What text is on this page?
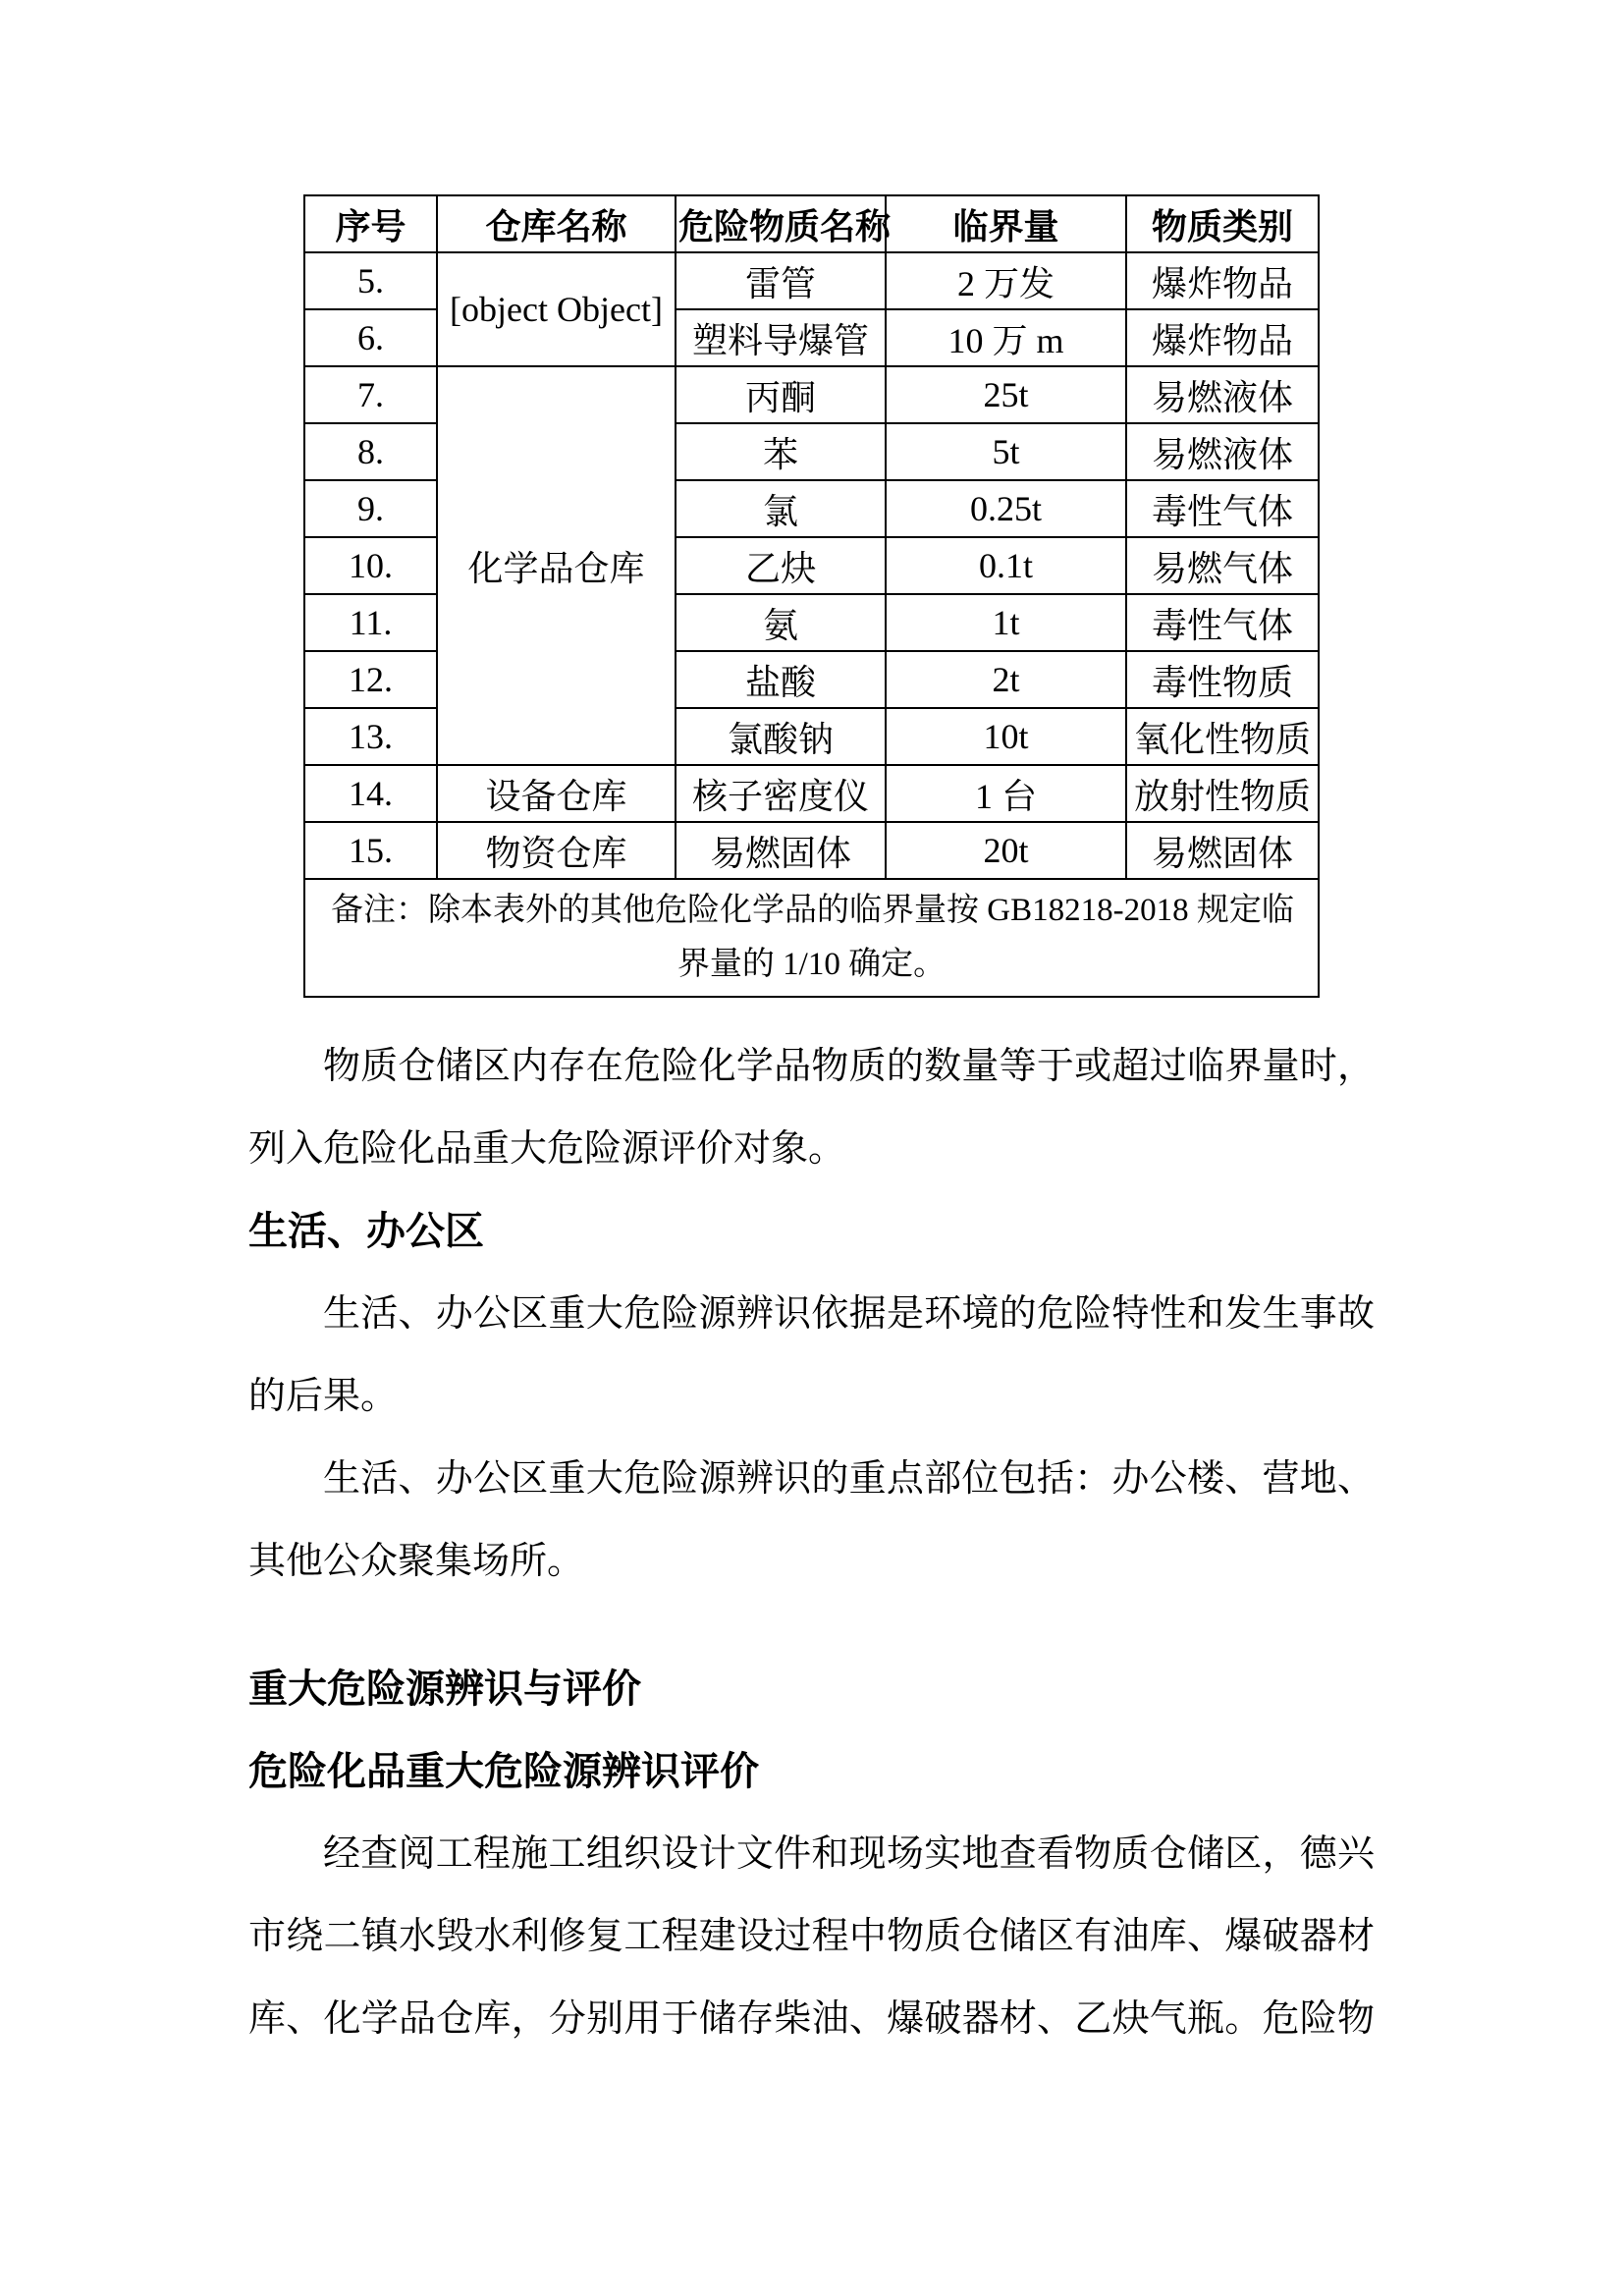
序号	仓库名称	危险物质名称	临界量	物质类别
5.	[object Object]	雷管	2 万发	爆炸物品
6.		塑料导爆管	10 万 m	爆炸物品
7.	化学品仓库	丙酮	25t	易燃液体
8.		苯	5t	易燃液体
9.		氯	0.25t	毒性气体
10.		乙炔	0.1t	易燃气体
11.		氨	1t	毒性气体
12.		盐酸	2t	毒性物质
13.		氯酸钠	10t	氧化性物质
14.	设备仓库	核子密度仪	1 台	放射性物质
15.	物资仓库	易燃固体	20t	易燃固体

备注：除本表外的其他危险化学品的临界量按 GB18218-2018 规定临
界量的 1/10 确定。				
物质仓储区内存在危险化学品物质的数量等于或超过临界量时，
列入危险化品重大危险源评价对象。
生活、办公区
生活、办公区重大危险源辨识依据是环境的危险特性和发生事故
的后果。
生活、办公区重大危险源辨识的重点部位包括：办公楼、营地、
其他公众聚集场所。
重大危险源辨识与评价
危险化品重大危险源辨识评价
经查阅工程施工组织设计文件和现场实地查看物质仓储区，德兴
市绕二镇水毁水利修复工程建设过程中物质仓储区有油库、爆破器材
库、化学品仓库，分别用于储存柴油、爆破器材、乙炔气瓶。危险物
